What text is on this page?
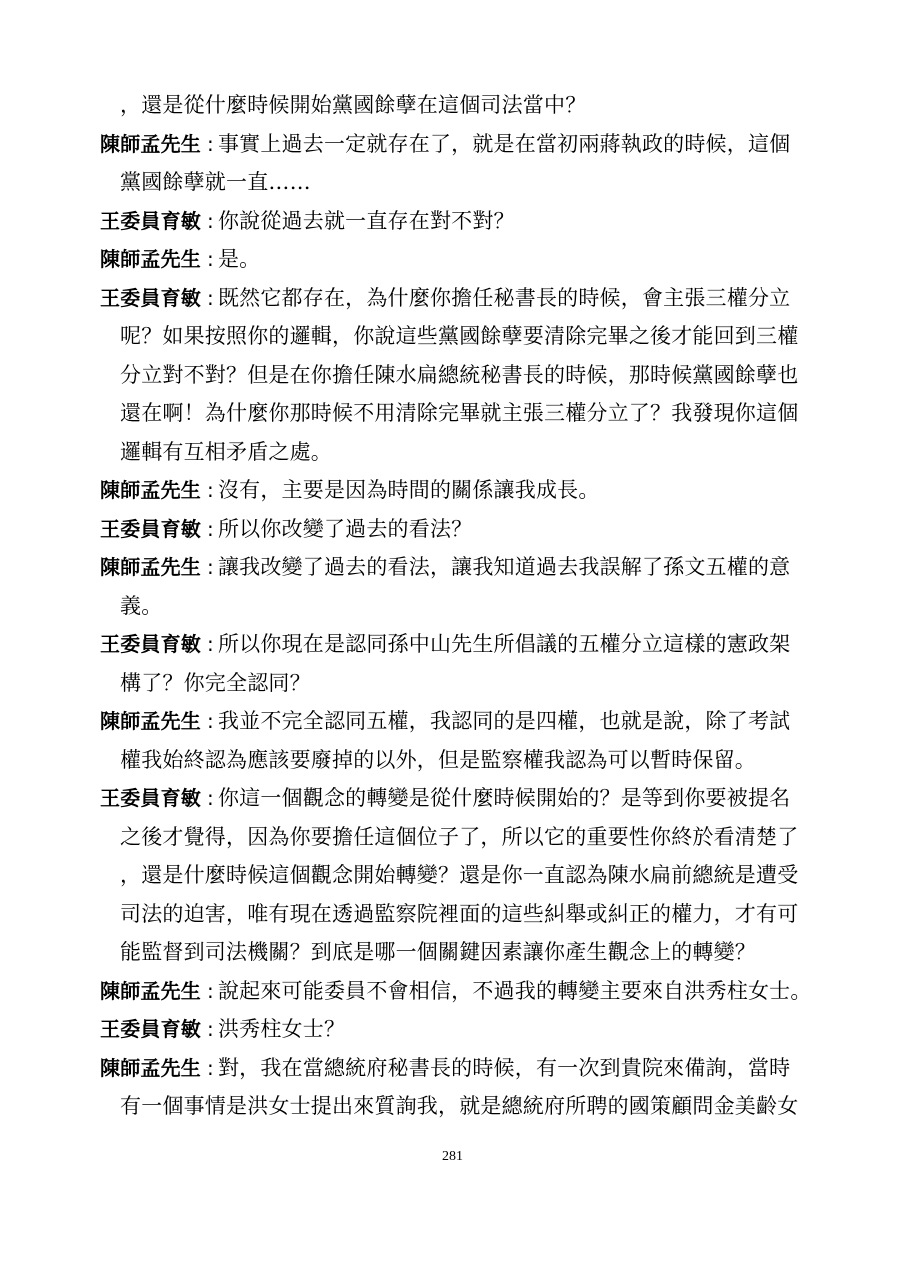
，還是從什麼時候開始黨國餘孽在這個司法當中？
陳師孟先生 : 事實上過去一定就存在了，就是在當初兩蔣執政的時候，這個
黨國餘孽就一直……
王委員育敏 : 你說從過去就一直存在對不對？
陳師孟先生 : 是。
王委員育敏 : 既然它都存在，為什麼你擔任秘書長的時候，會主張三權分立
呢？如果按照你的邏輯，你說這些黨國餘孽要清除完畢之後才能回到三權
分立對不對？但是在你擔任陳水扁總統秘書長的時候，那時候黨國餘孽也
還在啊！為什麼你那時候不用清除完畢就主張三權分立了？我發現你這個
邏輯有互相矛盾之處。
陳師孟先生 : 沒有，主要是因為時間的關係讓我成長。
王委員育敏 : 所以你改變了過去的看法？
陳師孟先生 : 讓我改變了過去的看法，讓我知道過去我誤解了孫文五權的意
義。
王委員育敏 : 所以你現在是認同孫中山先生所倡議的五權分立這樣的憲政架
構了？你完全認同？
陳師孟先生 : 我並不完全認同五權，我認同的是四權，也就是說，除了考試
權我始終認為應該要廢掉的以外，但是監察權我認為可以暫時保留。
王委員育敏 : 你這一個觀念的轉變是從什麼時候開始的？是等到你要被提名
之後才覺得，因為你要擔任這個位子了，所以它的重要性你終於看清楚了
，還是什麼時候這個觀念開始轉變？還是你一直認為陳水扁前總統是遭受
司法的迫害，唯有現在透過監察院裡面的這些糾舉或糾正的權力，才有可
能監督到司法機關？到底是哪一個關鍵因素讓你產生觀念上的轉變？
陳師孟先生 : 說起來可能委員不會相信，不過我的轉變主要來自洪秀柱女士。
王委員育敏 : 洪秀柱女士？
陳師孟先生 : 對，我在當總統府秘書長的時候，有一次到貴院來備詢，當時
有一個事情是洪女士提出來質詢我，就是總統府所聘的國策顧問金美齡女
281
